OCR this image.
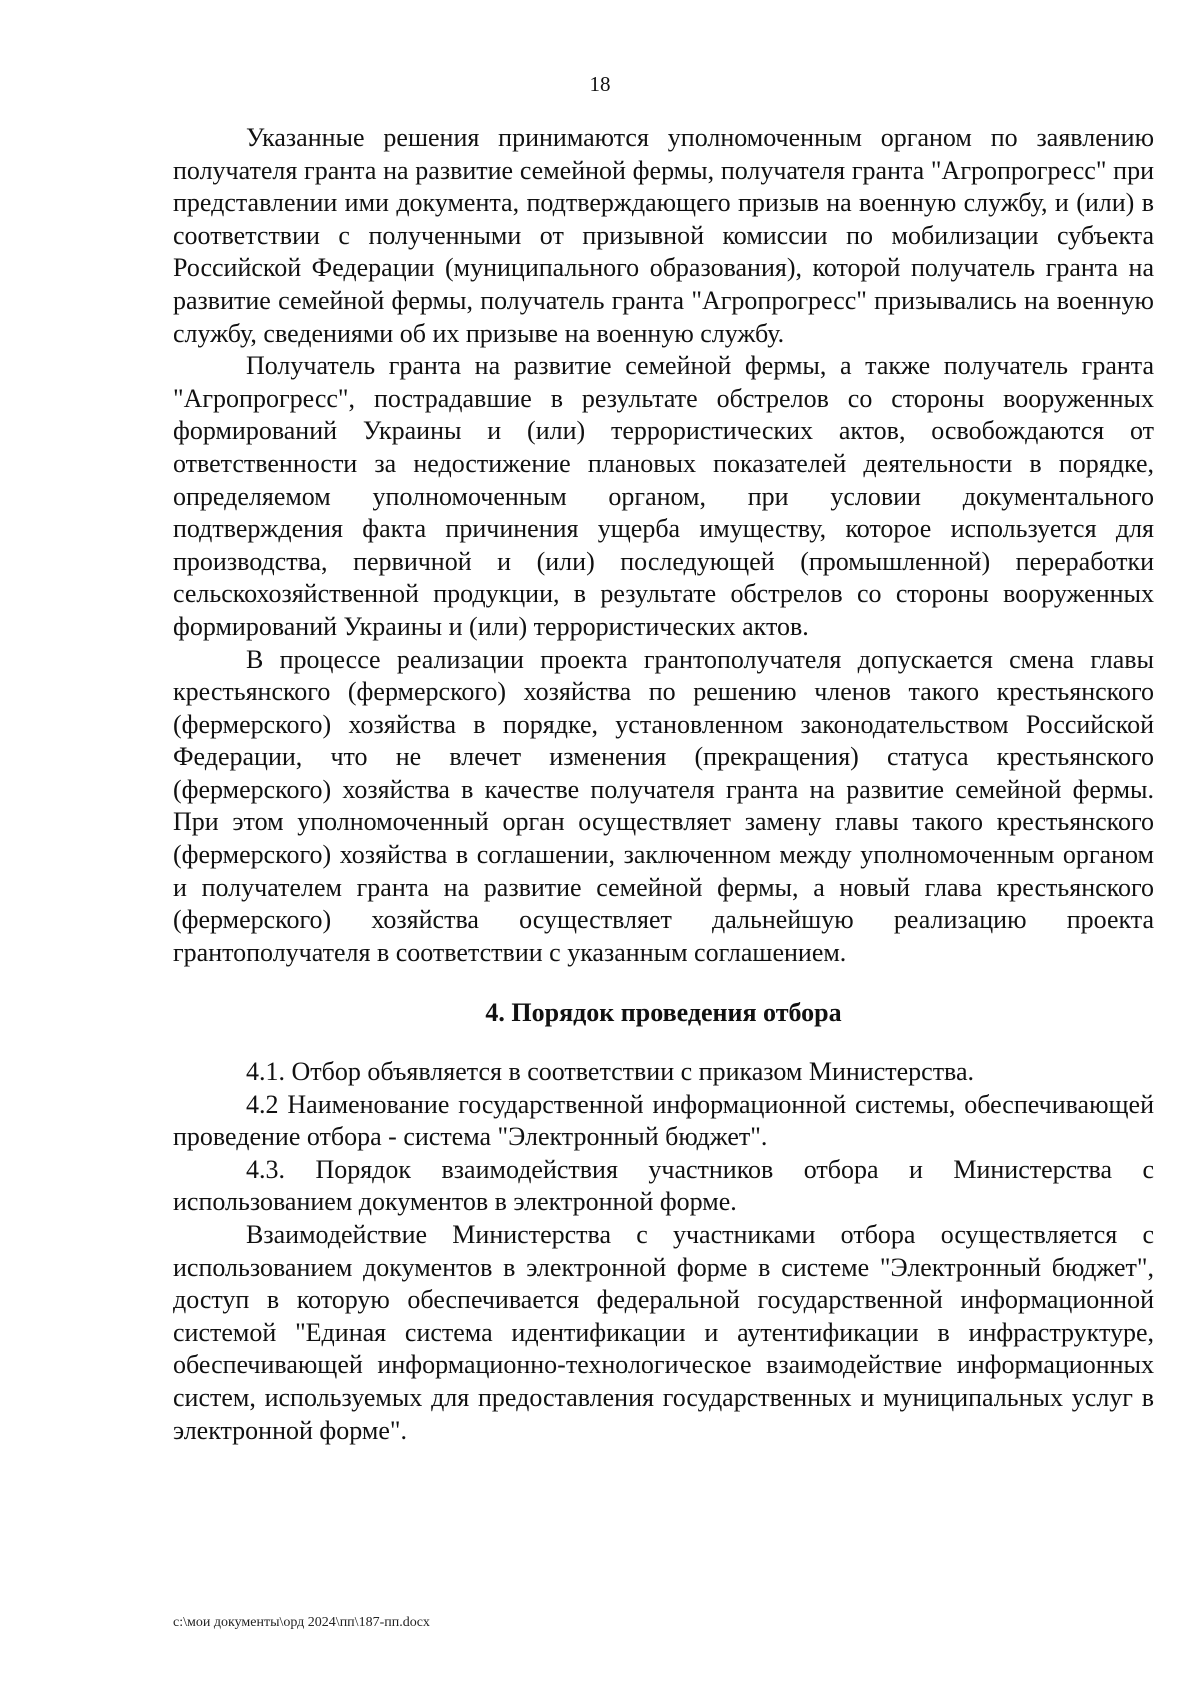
18

Указанные решения принимаются уполномоченным органом по заявлению получателя гранта на развитие семейной фермы, получателя гранта "Агропрогресс" при представлении ими документа, подтверждающего призыв на военную службу, и (или) в соответствии с полученными от призывной комиссии по мобилизации субъекта Российской Федерации (муниципального образования), которой получатель гранта на развитие семейной фермы, получатель гранта "Агропрогресс" призывались на военную службу, сведениями об их призыве на военную службу.

Получатель гранта на развитие семейной фермы, а также получатель гранта "Агропрогресс", пострадавшие в результате обстрелов со стороны вооруженных формирований Украины и (или) террористических актов, освобождаются от ответственности за недостижение плановых показателей деятельности в порядке, определяемом уполномоченным органом, при условии документального подтверждения факта причинения ущерба имуществу, которое используется для производства, первичной и (или) последующей (промышленной) переработки сельскохозяйственной продукции, в результате обстрелов со стороны вооруженных формирований Украины и (или) террористических актов.

В процессе реализации проекта грантополучателя допускается смена главы крестьянского (фермерского) хозяйства по решению членов такого крестьянского (фермерского) хозяйства в порядке, установленном законодательством Российской Федерации, что не влечет изменения (прекращения) статуса крестьянского (фермерского) хозяйства в качестве получателя гранта на развитие семейной фермы. При этом уполномоченный орган осуществляет замену главы такого крестьянского (фермерского) хозяйства в соглашении, заключенном между уполномоченным органом и получателем гранта на развитие семейной фермы, а новый глава крестьянского (фермерского) хозяйства осуществляет дальнейшую реализацию проекта грантополучателя в соответствии с указанным соглашением.

4. Порядок проведения отбора

4.1. Отбор объявляется в соответствии с приказом Министерства.

4.2 Наименование государственной информационной системы, обеспечивающей проведение отбора - система "Электронный бюджет".

4.3. Порядок взаимодействия участников отбора и Министерства с использованием документов в электронной форме.

Взаимодействие Министерства с участниками отбора осуществляется с использованием документов в электронной форме в системе "Электронный бюджет", доступ в которую обеспечивается федеральной государственной информационной системой "Единая система идентификации и аутентификации в инфраструктуре, обеспечивающей информационно-технологическое взаимодействие информационных систем, используемых для предоставления государственных и муниципальных услуг в электронной форме".

c:\мои документы\орд 2024\пп\187-пп.docx
